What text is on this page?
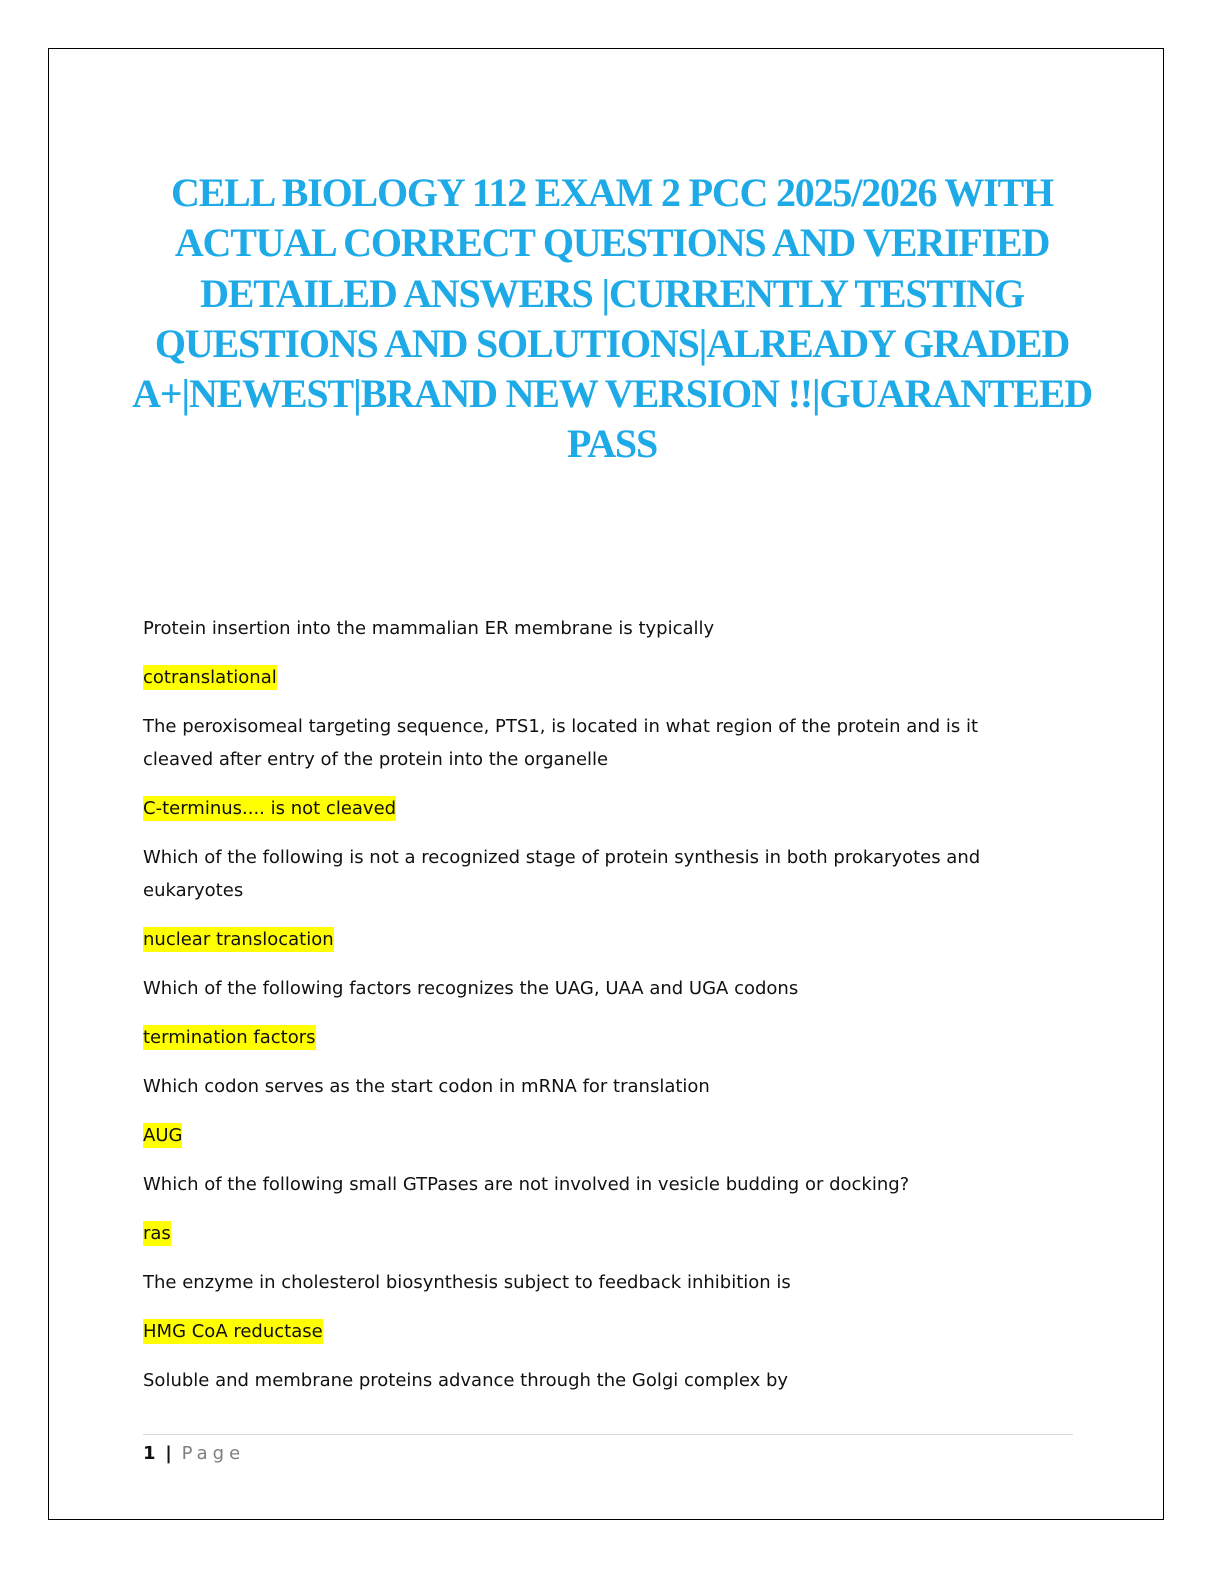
CELL BIOLOGY 112 EXAM 2 PCC 2025/2026 WITH ACTUAL CORRECT QUESTIONS AND VERIFIED DETAILED ANSWERS |CURRENTLY TESTING QUESTIONS AND SOLUTIONS|ALREADY GRADED A+|NEWEST|BRAND NEW VERSION !!|GUARANTEED PASS
Protein insertion into the mammalian ER membrane is typically
cotranslational
The peroxisomeal targeting sequence, PTS1, is located in what region of the protein and is it cleaved after entry of the protein into the organelle
C-terminus.... is not cleaved
Which of the following is not a recognized stage of protein synthesis in both prokaryotes and eukaryotes
nuclear translocation
Which of the following factors recognizes the UAG, UAA and UGA codons
termination factors
Which codon serves as the start codon in mRNA for translation
AUG
Which of the following small GTPases are not involved in vesicle budding or docking?
ras
The enzyme in cholesterol biosynthesis subject to feedback inhibition is
HMG CoA reductase
Soluble and membrane proteins advance through the Golgi complex by
1 | Page
